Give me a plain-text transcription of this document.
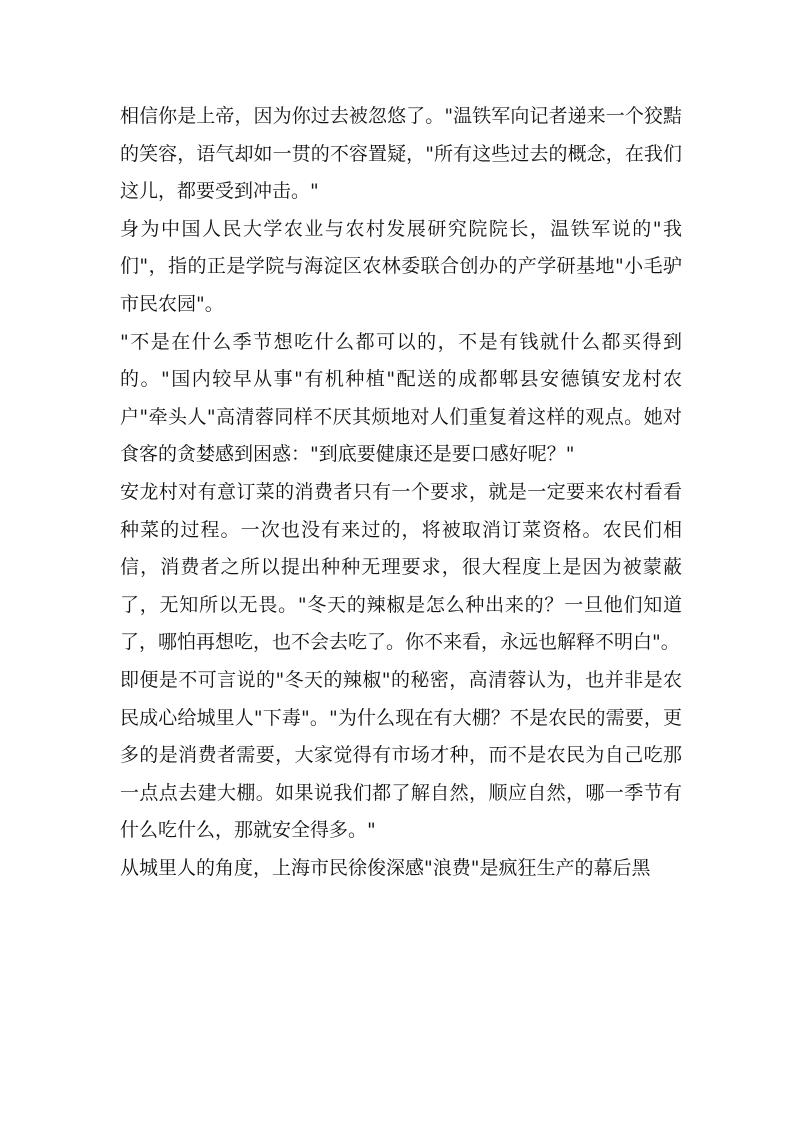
相信你是上帝，因为你过去被忽悠了。"温铁军向记者递来一个狡黠的笑容，语气却如一贯的不容置疑，"所有这些过去的概念，在我们这儿，都要受到冲击。"

身为中国人民大学农业与农村发展研究院院长，温铁军说的"我们"，指的正是学院与海淀区农林委联合创办的产学研基地"小毛驴市民农园"。

"不是在什么季节想吃什么都可以的，不是有钱就什么都买得到的。"国内较早从事"有机种植"配送的成都郫县安德镇安龙村农户"牵头人"高清蓉同样不厌其烦地对人们重复着这样的观点。她对食客的贪婪感到困惑："到底要健康还是要口感好呢？"

安龙村对有意订菜的消费者只有一个要求，就是一定要来农村看看种菜的过程。一次也没有来过的，将被取消订菜资格。农民们相信，消费者之所以提出种种无理要求，很大程度上是因为被蒙蔽了，无知所以无畏。"冬天的辣椒是怎么种出来的？一旦他们知道了，哪怕再想吃，也不会去吃了。你不来看，永远也解释不明白"。

即便是不可言说的"冬天的辣椒"的秘密，高清蓉认为，也并非是农民成心给城里人"下毒"。"为什么现在有大棚？不是农民的需要，更多的是消费者需要，大家觉得有市场才种，而不是农民为自己吃那一点点去建大棚。如果说我们都了解自然，顺应自然，哪一季节有什么吃什么，那就安全得多。"

从城里人的角度，上海市民徐俊深感"浪费"是疯狂生产的幕后黑
